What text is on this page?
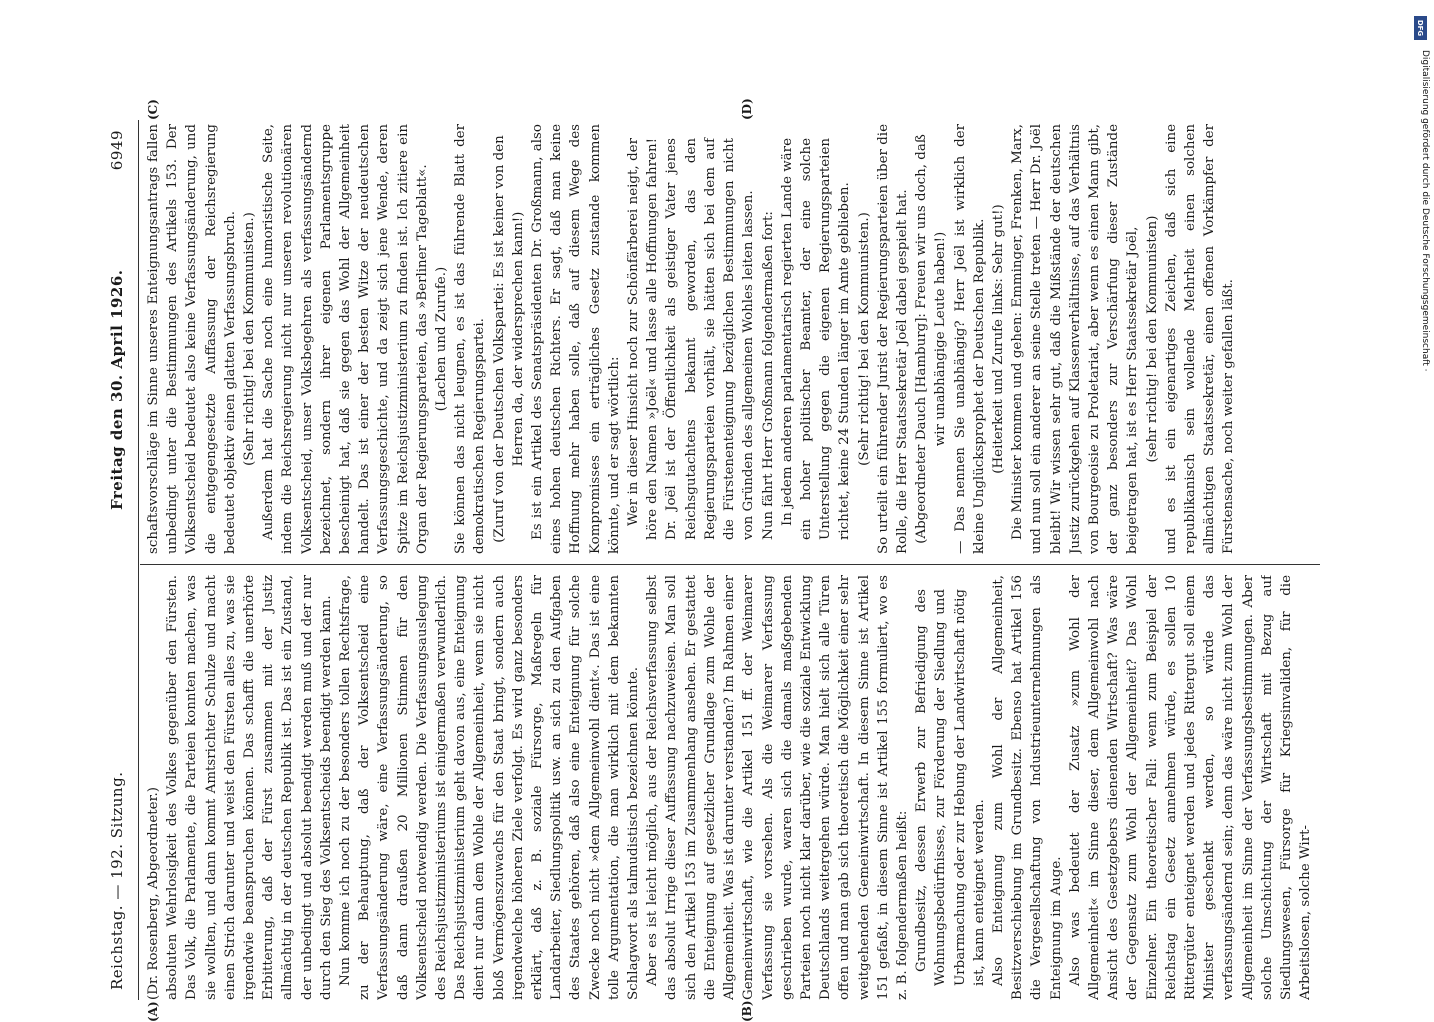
Reichstag. — 192. Sitzung.
Freitag den 30. April 1926.
6949
(A)	(B)
(C)	(D)

(Dr. Rosenberg, Abgeordneter.) absoluten Wehrlosigkeit des Volkes gegenüber den Fürsten. Das Volk, die Parlamente, die Parteien konnten machen, was sie wollten, und dann kommt Amtsrichter Schulze und macht einen Strich darunter und weist den Fürsten alles zu, was sie irgendwie beanspruchen können. Das schafft die unerhörte Erbitterung, daß der Fürst zusammen mit der Justiz allmächtig in der deutschen Republik ist. Das ist ein Zustand, der unbedingt und absolut beendigt werden muß und der nur durch den Sieg des Volksentscheids beendigt werden kann. Nun komme ich noch zu der besonders tollen Rechtsfrage, zu der Behauptung, daß der Volksentscheid eine Verfassungsänderung wäre, eine Verfassungsänderung, so daß dann draußen 20 Millionen Stimmen für den Volksentscheid notwendig werden. Die Verfassungsauslegung des Reichsjustizministeriums ist einigermaßen verwunderlich. Das Reichsjustizministerium geht davon aus, eine Enteignung dient nur dann dem Wohle der Allgemeinheit, wenn sie nicht bloß Vermögenszuwachs für den Staat bringt, sondern auch irgendwelche höheren Ziele verfolgt. Es wird ganz besonders erklärt, daß z. B. soziale Fürsorge, Maßregeln für Landarbeiter, Siedlungspolitik usw. an sich zu den Aufgaben des Staates gehören, daß also eine Enteignung für solche Zwecke noch nicht »dem Allgemeinwohl dient«. Das ist eine tolle Argumentation, die man wirklich mit dem bekannten Schlagwort als talmudistisch bezeichnen könnte. Aber es ist leicht möglich, aus der Reichsverfassung selbst das absolut Irrige dieser Auffassung nachzuweisen. Man soll sich den Artikel 153 im Zusammenhang ansehen. Er gestattet die Enteignung auf gesetzlicher Grundlage zum Wohle der Allgemeinheit. Was ist darunter verstanden? Im Rahmen einer Gemeinwirtschaft, wie die Artikel 151 ff. der Weimarer Verfassung sie vorsehen. Als die Weimarer Verfassung geschrieben wurde, waren sich die damals maßgebenden Parteien noch nicht klar darüber, wie die soziale Entwicklung Deutschlands weitergehen würde. Man hielt sich alle Türen offen und man gab sich theoretisch die Möglichkeit einer sehr weitgehenden Gemeinwirtschaft. In diesem Sinne ist Artikel 151 gefaßt, in diesem Sinne ist Artikel 155 formuliert, wo es z. B. folgendermaßen heißt: Grundbesitz, dessen Erwerb zur Befriedigung des Wohnungsbedürfnisses, zur Förderung der Siedlung und Urbarmachung oder zur Hebung der Landwirtschaft nötig ist, kann enteignet werden. Also Enteignung zum Wohl der Allgemeinheit, Besitzverschiebung im Grundbesitz. Ebenso hat Artikel 156 die Vergesellschaftung von Industrieunternehmungen als Enteignung im Auge. Also was bedeutet der Zusatz »zum Wohl der Allgemeinheit« im Sinne dieser, dem Allgemeinwohl nach Ansicht des Gesetzgebers dienenden Wirtschaft? Was wäre der Gegensatz zum Wohl der Allgemeinheit? Das Wohl Einzelner. Ein theoretischer Fall: wenn zum Beispiel der Reichstag ein Gesetz annehmen würde, es sollen 10 Rittergüter enteignet werden und jedes Rittergut soll einem Minister geschenkt werden, so würde das verfassungsändernd sein; denn das wäre nicht zum Wohl der Allgemeinheit im Sinne der Verfassungsbestimmungen. Aber solche Umschichtung der Wirtschaft mit Bezug auf Siedlungswesen, Fürsorge für Kriegsinvaliden, für die Arbeitslosen, solche Wirt-

schaftsvorschläge im Sinne unseres Enteignungsantrags fallen unbedingt unter die Bestimmungen des Artikels 153. Der Volksentscheid bedeutet also keine Verfassungsänderung, und die entgegengesetzte Auffassung der Reichsregierung bedeutet objektiv einen glatten Verfassungsbruch. (Sehr richtig! bei den Kommunisten.) Außerdem hat die Sache noch eine humoristische Seite, indem die Reichsregierung nicht nur unseren revolutionären Volksentscheid, unser Volksbegehren als verfassungsändernd bezeichnet, sondern ihrer eigenen Parlamentsgruppe bescheinigt hat, daß sie gegen das Wohl der Allgemeinheit handelt. Das ist einer der besten Witze der neudeutschen Verfassungsgeschichte, und da zeigt sich jene Wende, deren Spitze im Reichsjustizministerium zu finden ist. Ich zitiere ein Organ der Regierungsparteien, das »Berliner Tageblatt«. (Lachen und Zurufe.) Sie können das nicht leugnen, es ist das führende Blatt der demokratischen Regierungspartei. (Zuruf von der Deutschen Volkspartei: Es ist keiner von den Herren da, der widersprechen kann!) Es ist ein Artikel des Senatspräsidenten Dr. Großmann, also eines hohen deutschen Richters. Er sagt, daß man keine Hoffnung mehr haben solle, daß auf diesem Wege des Kompromisses ein erträgliches Gesetz zustande kommen könnte, und er sagt wörtlich: Wer in dieser Hinsicht noch zur Schönfärberei neigt, der höre den Namen »Joël« und lasse alle Hoffnungen fahren! Dr. Joël ist der Öffentlichkeit als geistiger Vater jenes Reichsgutachtens bekannt geworden, das den Regierungsparteien vorhält, sie hätten sich bei dem auf die Fürstenenteignung bezüglichen Bestimmungen nicht von Gründen des allgemeinen Wohles leiten lassen. Nun fährt Herr Großmann folgendermaßen fort: In jedem anderen parlamentarisch regierten Lande wäre ein hoher politischer Beamter, der eine solche Unterstellung gegen die eigenen Regierungsparteien richtet, keine 24 Stunden länger im Amte geblieben. (Sehr richtig! bei den Kommunisten.) So urteilt ein führender Jurist der Regierungsparteien über die Rolle, die Herr Staatssekretär Joël dabei gespielt hat. (Abgeordneter Dauch [Hamburg]: Freuen wir uns doch, daß wir unabhängige Leute haben!) — Das nennen Sie unabhängig? Herr Joël ist wirklich der kleine Unglücksprophet der Deutschen Republik. (Heiterkeit und Zurufe links: Sehr gut!) Die Minister kommen und gehen: Emminger, Frenken, Marx, und nun soll ein anderer an seine Stelle treten — Herr Dr. Joël bleibt! Wir wissen sehr gut, daß die Mißstände der deutschen Justiz zurückgehen auf Klassenverhältnisse, auf das Verhältnis von Bourgeoisie zu Proletariat, aber wenn es einen Mann gibt, der ganz besonders zur Verschärfung dieser Zustände beigetragen hat, ist es Herr Staatssekretär Joël, (sehr richtig! bei den Kommunisten) und es ist ein eigenartiges Zeichen, daß sich eine republikanisch sein wollende Mehrheit einen solchen allmächtigen Staatssekretär, einen offenen Vorkämpfer der Fürstensache, noch weiter gefallen läßt.

DFG
Digitalisierung gefördert durch die Deutsche Forschungsgemeinschaft ·
